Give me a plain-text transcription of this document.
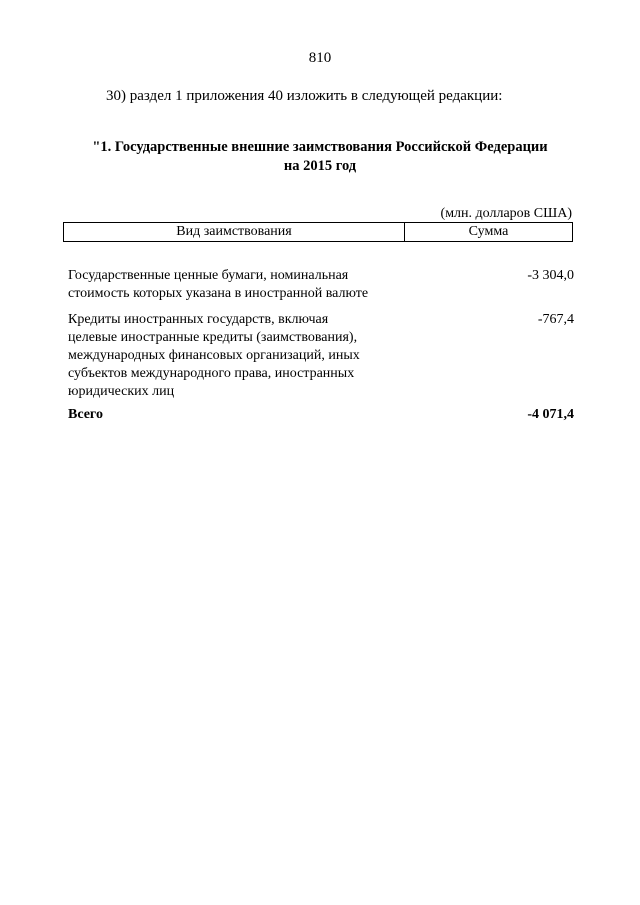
810
30) раздел 1 приложения 40 изложить в следующей редакции:
"1. Государственные внешние заимствования Российской Федерации
на 2015 год
(млн. долларов США)
Вид заимствования	Сумма
Государственные ценные бумаги, номинальная
стоимость которых указана в иностранной валюте
-3 304,0
Кредиты иностранных государств, включая
целевые иностранные кредиты (заимствования),
международных финансовых организаций, иных
субъектов международного права, иностранных
юридических лиц
-767,4
Всего	-4 071,4
